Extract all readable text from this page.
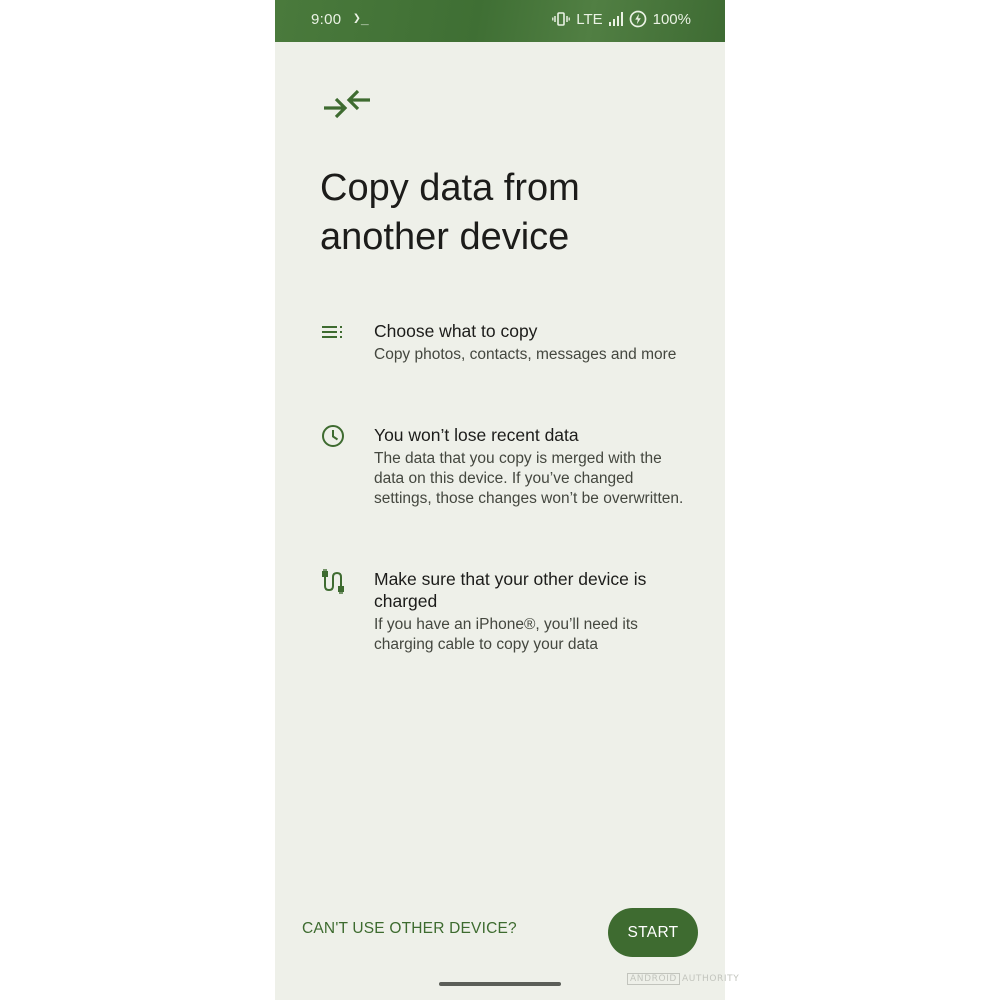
9:00 ❯_	LTE	100%
Copy data from another device
Choose what to copy
Copy photos, contacts, messages and more
You won’t lose recent data
The data that you copy is merged with the data on this device. If you’ve changed settings, those changes won’t be overwritten.
Make sure that your other device is charged
If you have an iPhone®, you’ll need its charging cable to copy your data
CAN'T USE OTHER DEVICE?	START
ANDROID AUTHORITY
